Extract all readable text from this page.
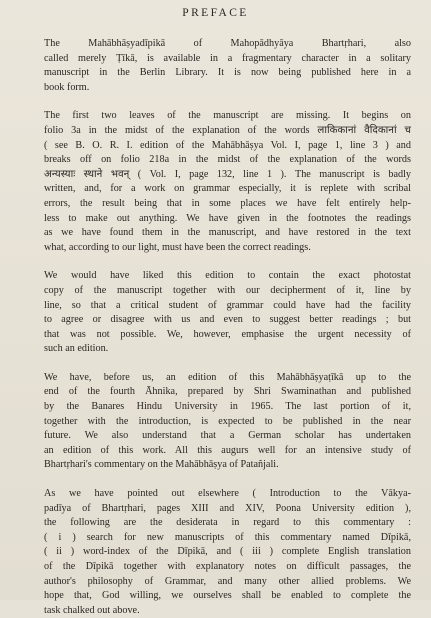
PREFACE
The Mahābhāṣyadīpikā of Mahopādhyāya Bhartṛhari, also
called merely Ṭīkā, is available in a fragmentary character in a solitary
manuscript in the Berlin Library. It is now being published here in a
book form.
The first two leaves of the manuscript are missing. It begins on
folio 3a in the midst of the explanation of the words लाकिकानां वैदिकानां च
( see B. O. R. I. edition of the Mahābhāṣya Vol. I, page 1, line 3 ) and
breaks off on folio 218a in the midst of the explanation of the words
अन्यस्याः स्थाने भवन् ( Vol. I, page 132, line 1 ). The manuscript is badly
written, and, for a work on grammar especially, it is replete with scribal
errors, the result being that in some places we have felt entirely help-
less to make out anything. We have given in the footnotes the readings
as we have found them in the manuscript, and have restored in the text
what, according to our light, must have been the correct readings.
We would have liked this edition to contain the exact photostat
copy of the manuscript together with our decipherment of it, line by
line, so that a critical student of grammar could have had the facility
to agree or disagree with us and even to suggest better readings ; but
that was not possible. We, however, emphasise the urgent necessity of
such an edition.
We have, before us, an edition of this Mahābhāṣyaṭīkā up to the
end of the fourth Āhnika, prepared by Shri Swaminathan and published
by the Banares Hindu University in 1965. The last portion of it,
together with the introduction, is expected to be published in the near
future. We also understand that a German scholar has undertaken
an edition of this work. All this augurs well for an intensive study of
Bhartṛhari's commentary on the Mahābhāṣya of Patañjali.
As we have pointed out elsewhere ( Introduction to the Vākya-
padīya of Bhartṛhari, pages XIII and XIV, Poona University edition ),
the following are the desiderata in regard to this commentary :
( i ) search for new manuscripts of this commentary named Dīpikā,
( ii ) word-index of the Dīpikā, and ( iii ) complete English translation
of the Dīpikā together with explanatory notes on difficult passages, the
author's philosophy of Grammar, and many other allied problems. We
hope that, God willing, we ourselves shall be enabled to complete the
task chalked out above.
